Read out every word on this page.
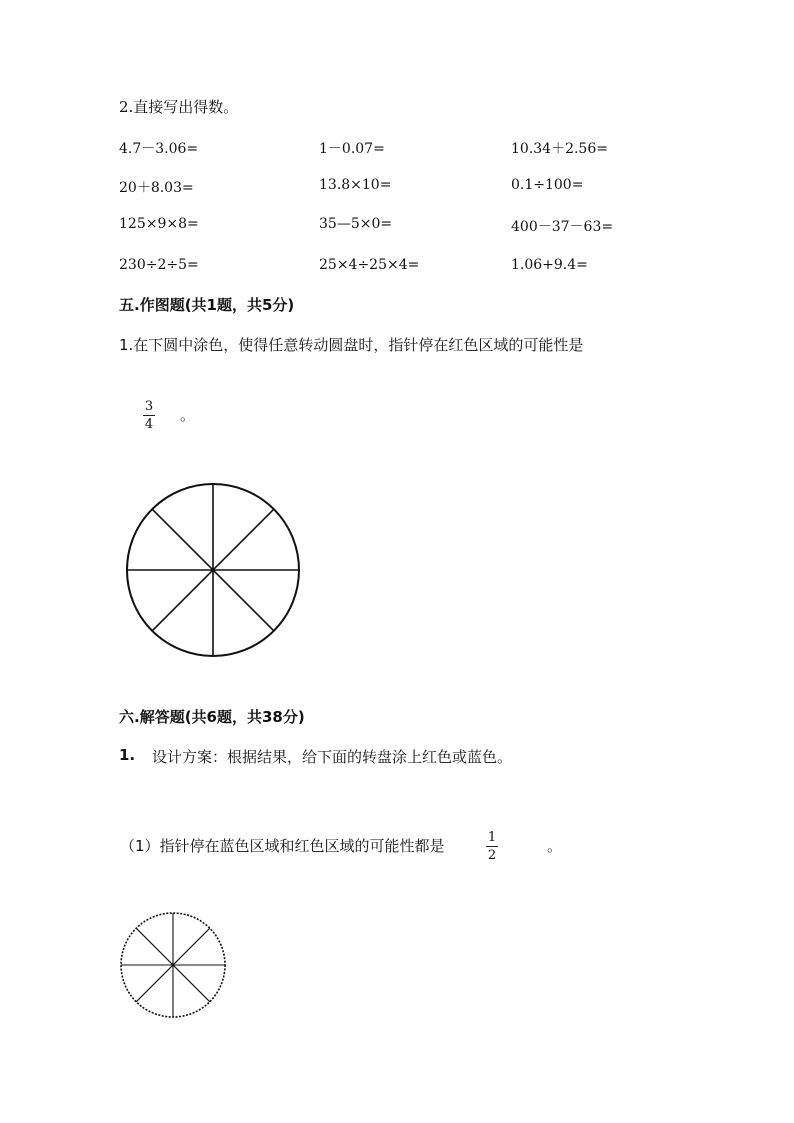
2.直接写出得数。
4.7－3.06=	1－0.07=	10.34＋2.56=
20＋8.03=	13.8×10=	0.1÷100=
125×9×8=	35—5×0=	400－37－63=
230÷2÷5=	25×4÷25×4=	1.06+9.4=
五.作图题(共1题，共5分)
1.在下圆中涂色，使得任意转动圆盘时，指针停在红色区域的可能性是
3
4
。
六.解答题(共6题，共38分)
1. 设计方案：根据结果，给下面的转盘涂上红色或蓝色。
（1）指针停在蓝色区域和红色区域的可能性都是	1
2
。
